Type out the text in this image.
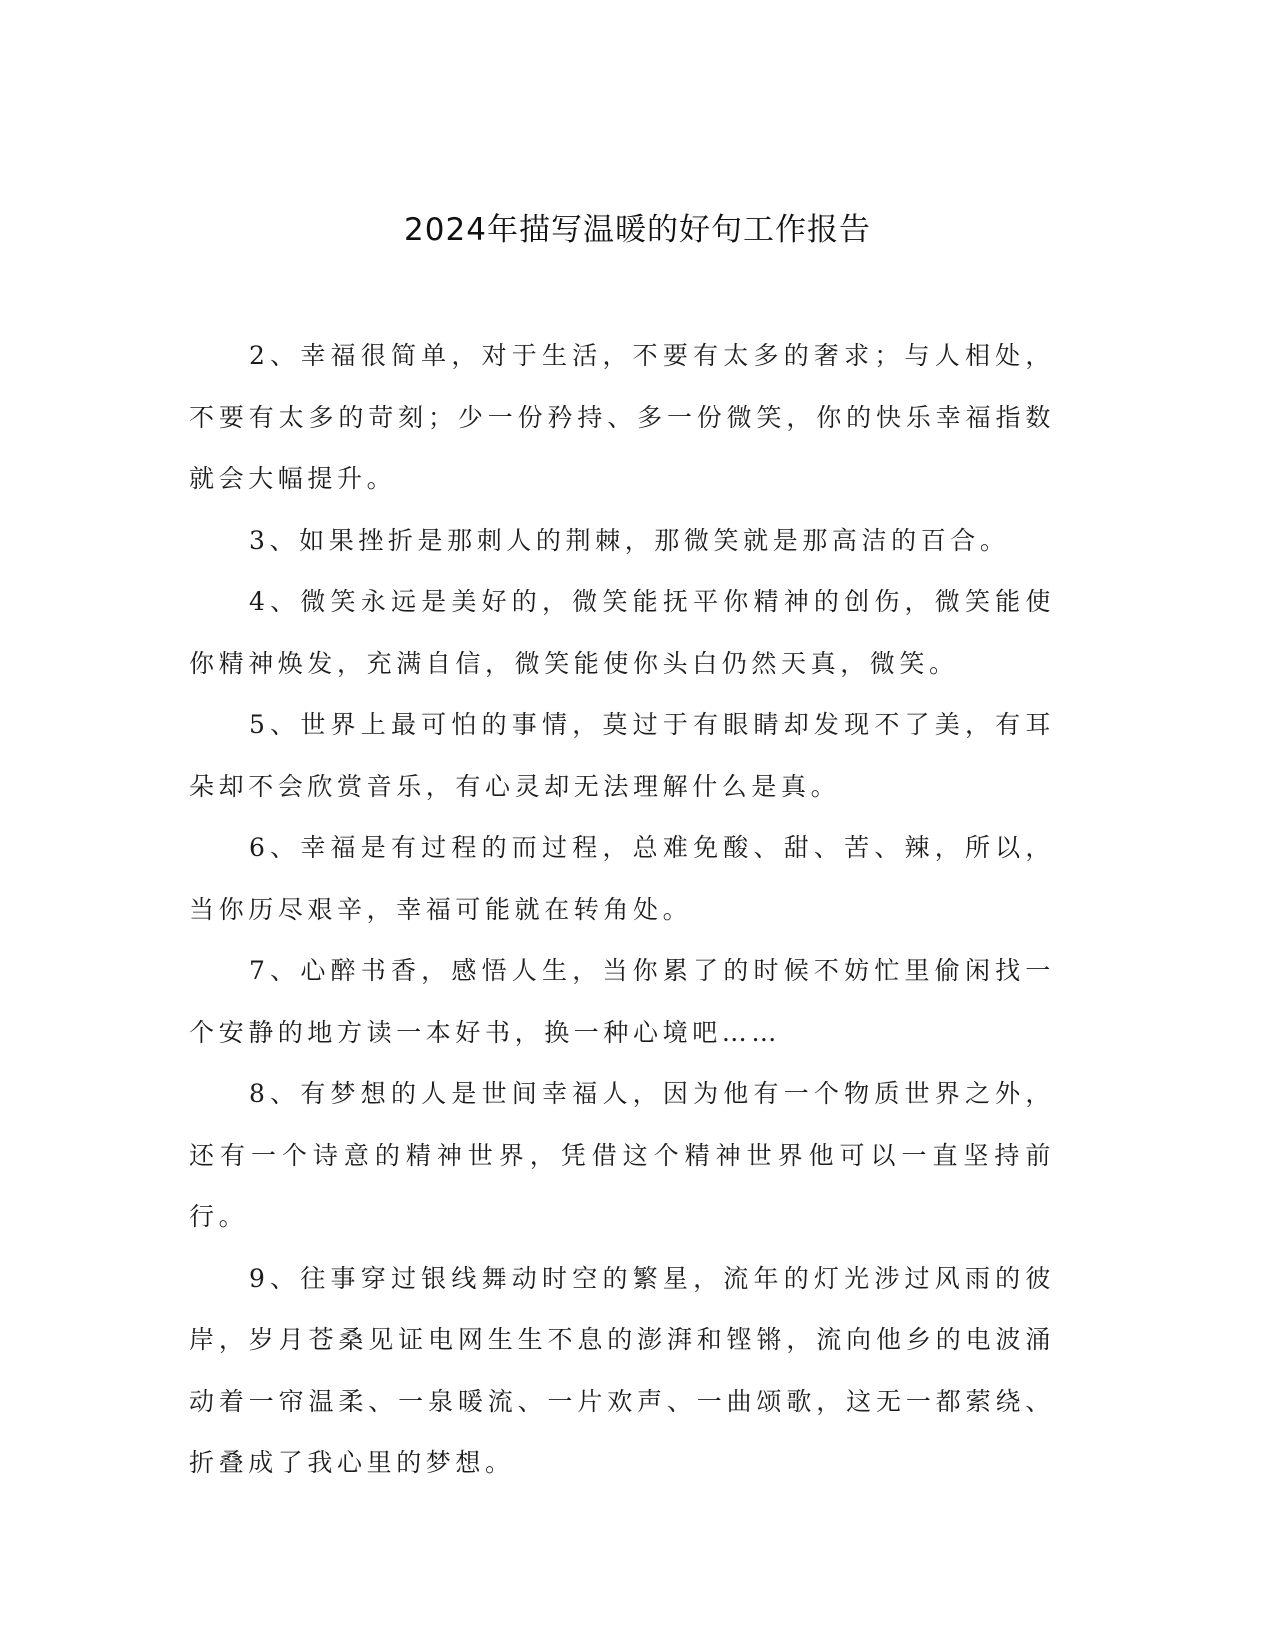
2024年描写温暖的好句工作报告

2、幸福很简单，对于生活，不要有太多的奢求；与人相处，不要有太多的苛刻；少一份矜持、多一份微笑，你的快乐幸福指数就会大幅提升。

3、如果挫折是那刺人的荆棘，那微笑就是那高洁的百合。

4、微笑永远是美好的，微笑能抚平你精神的创伤，微笑能使你精神焕发，充满自信，微笑能使你头白仍然天真，微笑。

5、世界上最可怕的事情，莫过于有眼睛却发现不了美，有耳朵却不会欣赏音乐，有心灵却无法理解什么是真。

6、幸福是有过程的而过程，总难免酸、甜、苦、辣，所以，当你历尽艰辛，幸福可能就在转角处。

7、心醉书香，感悟人生，当你累了的时候不妨忙里偷闲找一个安静的地方读一本好书，换一种心境吧……

8、有梦想的人是世间幸福人，因为他有一个物质世界之外，还有一个诗意的精神世界，凭借这个精神世界他可以一直坚持前行。

9、往事穿过银线舞动时空的繁星，流年的灯光涉过风雨的彼岸，岁月苍桑见证电网生生不息的澎湃和铿锵，流向他乡的电波涌动着一帘温柔、一泉暖流、一片欢声、一曲颂歌，这无一都萦绕、折叠成了我心里的梦想。
